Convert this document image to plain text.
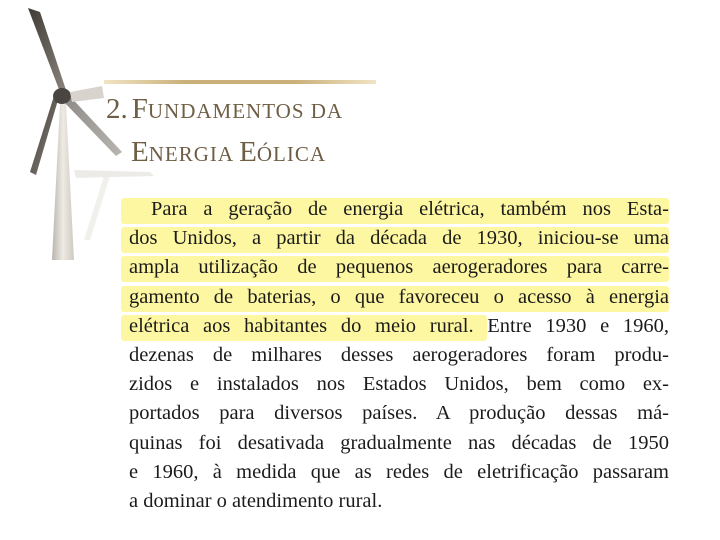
2. FUNDAMENTOS DA
ENERGIA EÓLICA
Para a geração de energia elétrica, também nos Esta-
dos Unidos, a partir da década de 1930, iniciou-se uma
ampla utilização de pequenos aerogeradores para carre-
gamento de baterias, o que favoreceu o acesso à energia
elétrica aos habitantes do meio rural. Entre 1930 e 1960,
dezenas de milhares desses aerogeradores foram produ-
zidos e instalados nos Estados Unidos, bem como ex-
portados para diversos países. A produção dessas má-
quinas foi desativada gradualmente nas décadas de 1950
e 1960, à medida que as redes de eletrificação passaram
a dominar o atendimento rural.
